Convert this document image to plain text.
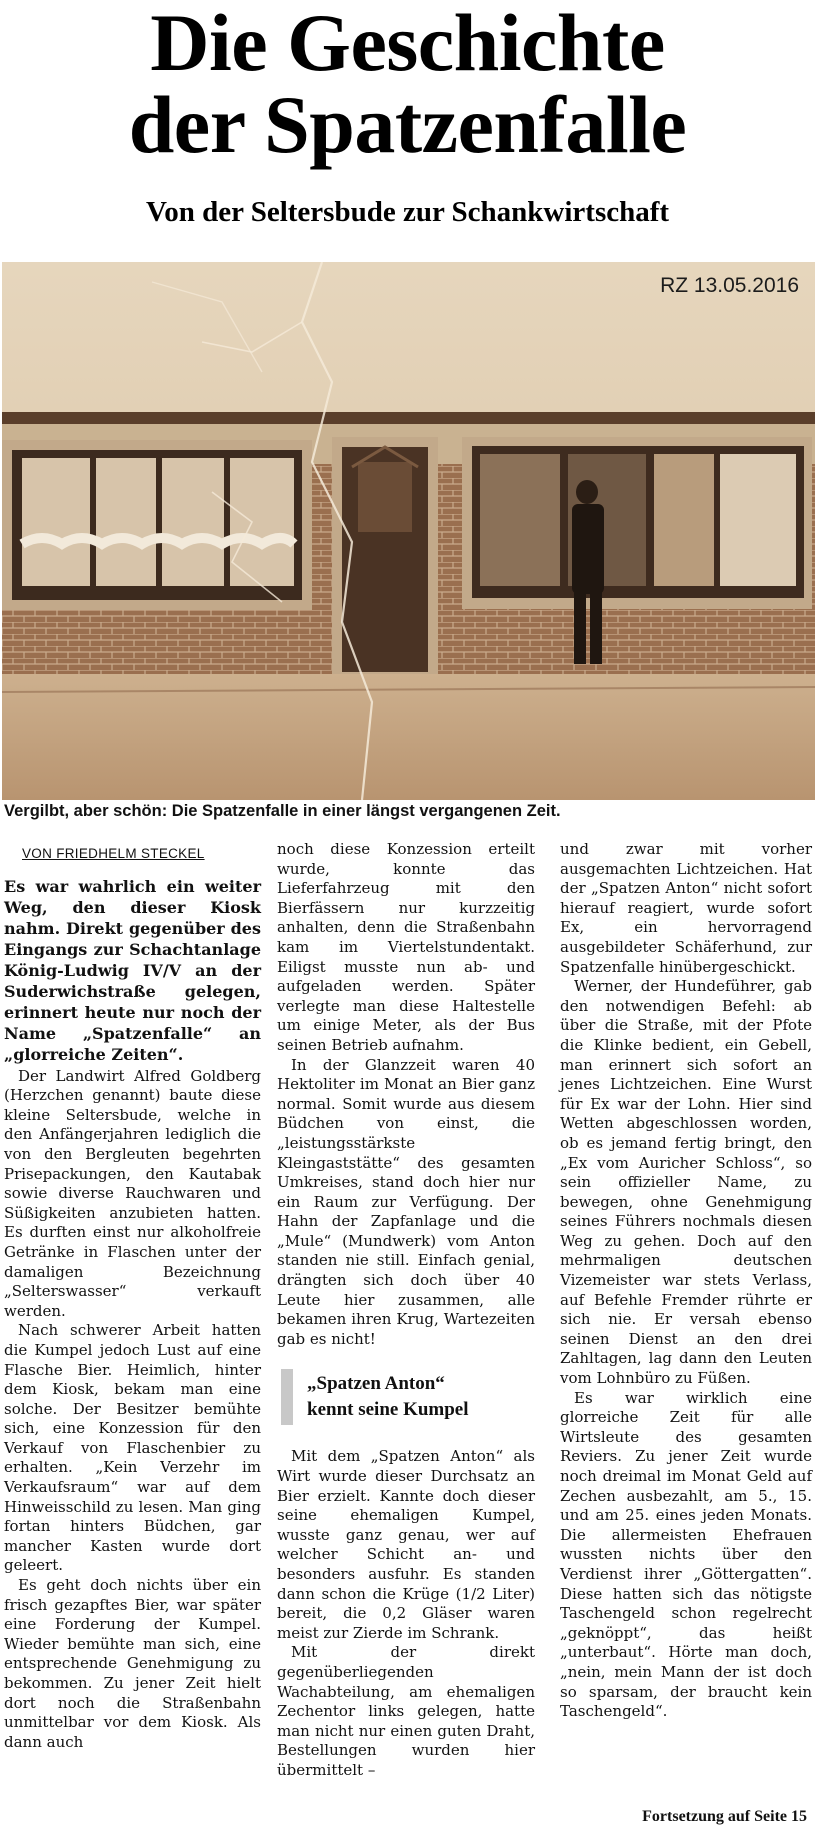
Die Geschichte
der Spatzenfalle
Von der Seltersbude zur Schankwirtschaft
RZ 13.05.2016
Vergilbt, aber schön: Die Spatzenfalle in einer längst vergangenen Zeit.
VON FRIEDHELM STECKEL

Es war wahrlich ein weiter Weg, den dieser Kiosk nahm. Direkt gegenüber des Eingangs zur Schachtanlage König-Ludwig IV/V an der Suderwichstraße gelegen, erinnert heute nur noch der Name „Spatzenfalle“ an „glorreiche Zeiten“.

Der Landwirt Alfred Goldberg (Herzchen genannt) baute diese kleine Seltersbude, welche in den Anfängerjahren lediglich die von den Bergleuten begehrten Prisepackungen, den Kautabak sowie diverse Rauchwaren und Süßigkeiten anzubieten hatten. Es durften einst nur alkoholfreie Getränke in Flaschen unter der damaligen Bezeichnung „Selterswasser“ verkauft werden.

Nach schwerer Arbeit hatten die Kumpel jedoch Lust auf eine Flasche Bier. Heimlich, hinter dem Kiosk, bekam man eine solche. Der Besitzer bemühte sich, eine Konzession für den Verkauf von Flaschenbier zu erhalten. „Kein Verzehr im Verkaufsraum“ war auf dem Hinweisschild zu lesen. Man ging fortan hinters Büdchen, gar mancher Kasten wurde dort geleert.

Es geht doch nichts über ein frisch gezapftes Bier, war später eine Forderung der Kumpel. Wieder bemühte man sich, eine entsprechende Genehmigung zu bekommen. Zu jener Zeit hielt dort noch die Straßenbahn unmittelbar vor dem Kiosk. Als dann auch

noch diese Konzession erteilt wurde, konnte das Lieferfahrzeug mit den Bierfässern nur kurzzeitig anhalten, denn die Straßenbahn kam im Viertelstundentakt. Eiligst musste nun ab- und aufgeladen werden. Später verlegte man diese Haltestelle um einige Meter, als der Bus seinen Betrieb aufnahm.

In der Glanzzeit waren 40 Hektoliter im Monat an Bier ganz normal. Somit wurde aus diesem Büdchen von einst, die „leistungsstärkste Kleingaststätte“ des gesamten Umkreises, stand doch hier nur ein Raum zur Verfügung. Der Hahn der Zapfanlage und die „Mule“ (Mundwerk) vom Anton standen nie still. Einfach genial, drängten sich doch über 40 Leute hier zusammen, alle bekamen ihren Krug, Wartezeiten gab es nicht!

„Spatzen Anton“
kennt seine Kumpel

Mit dem „Spatzen Anton“ als Wirt wurde dieser Durchsatz an Bier erzielt. Kannte doch dieser seine ehemaligen Kumpel, wusste ganz genau, wer auf welcher Schicht an- und besonders ausfuhr. Es standen dann schon die Krüge (1/2 Liter) bereit, die 0,2 Gläser waren meist zur Zierde im Schrank.

Mit der direkt gegenüberliegenden Wachabteilung, am ehemaligen Zechentor links gelegen, hatte man nicht nur einen guten Draht, Bestellungen wurden hier übermittelt –

und zwar mit vorher ausgemachten Lichtzeichen. Hat der „Spatzen Anton“ nicht sofort hierauf reagiert, wurde sofort Ex, ein hervorragend ausgebildeter Schäferhund, zur Spatzenfalle hinübergeschickt.

Werner, der Hundeführer, gab den notwendigen Befehl: ab über die Straße, mit der Pfote die Klinke bedient, ein Gebell, man erinnert sich sofort an jenes Lichtzeichen. Eine Wurst für Ex war der Lohn. Hier sind Wetten abgeschlossen worden, ob es jemand fertig bringt, den „Ex vom Auricher Schloss“, so sein offizieller Name, zu bewegen, ohne Genehmigung seines Führers nochmals diesen Weg zu gehen. Doch auf den mehrmaligen deutschen Vizemeister war stets Verlass, auf Befehle Fremder rührte er sich nie. Er versah ebenso seinen Dienst an den drei Zahltagen, lag dann den Leuten vom Lohnbüro zu Füßen.

Es war wirklich eine glorreiche Zeit für alle Wirtsleute des gesamten Reviers. Zu jener Zeit wurde noch dreimal im Monat Geld auf Zechen ausbezahlt, am 5., 15. und am 25. eines jeden Monats. Die allermeisten Ehefrauen wussten nichts über den Verdienst ihrer „Göttergatten“. Diese hatten sich das nötigste Taschengeld schon regelrecht „geknöppt“, das heißt „unterbaut“. Hörte man doch, „nein, mein Mann der ist doch so sparsam, der braucht kein Taschengeld“.

Fortsetzung auf Seite 15
